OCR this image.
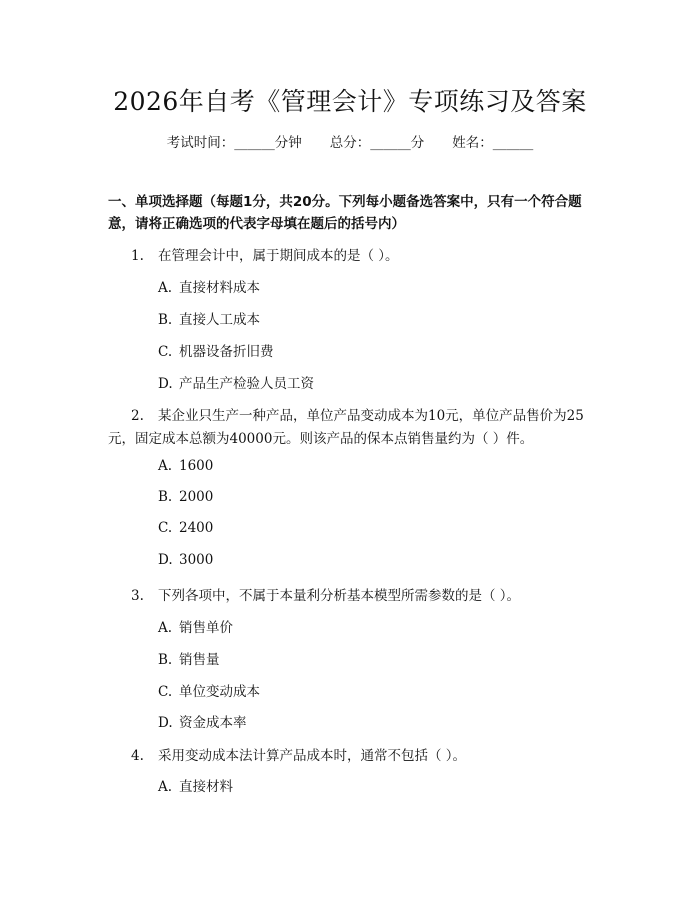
2026年自考《管理会计》专项练习及答案
考试时间：______分钟 总分：______分 姓名：______
一、单项选择题（每题1分，共20分。下列每小题备选答案中，只有一个符合题
意，请将正确选项的代表字母填在题后的括号内）
1. 在管理会计中，属于期间成本的是（ ）。
A. 直接材料成本
B. 直接人工成本
C. 机器设备折旧费
D. 产品生产检验人员工资
2. 某企业只生产一种产品，单位产品变动成本为10元，单位产品售价为25
元，固定成本总额为40000元。则该产品的保本点销售量约为（ ）件。
A. 1600
B. 2000
C. 2400
D. 3000
3. 下列各项中，不属于本量利分析基本模型所需参数的是（ ）。
A. 销售单价
B. 销售量
C. 单位变动成本
D. 资金成本率
4. 采用变动成本法计算产品成本时，通常不包括（ ）。
A. 直接材料
